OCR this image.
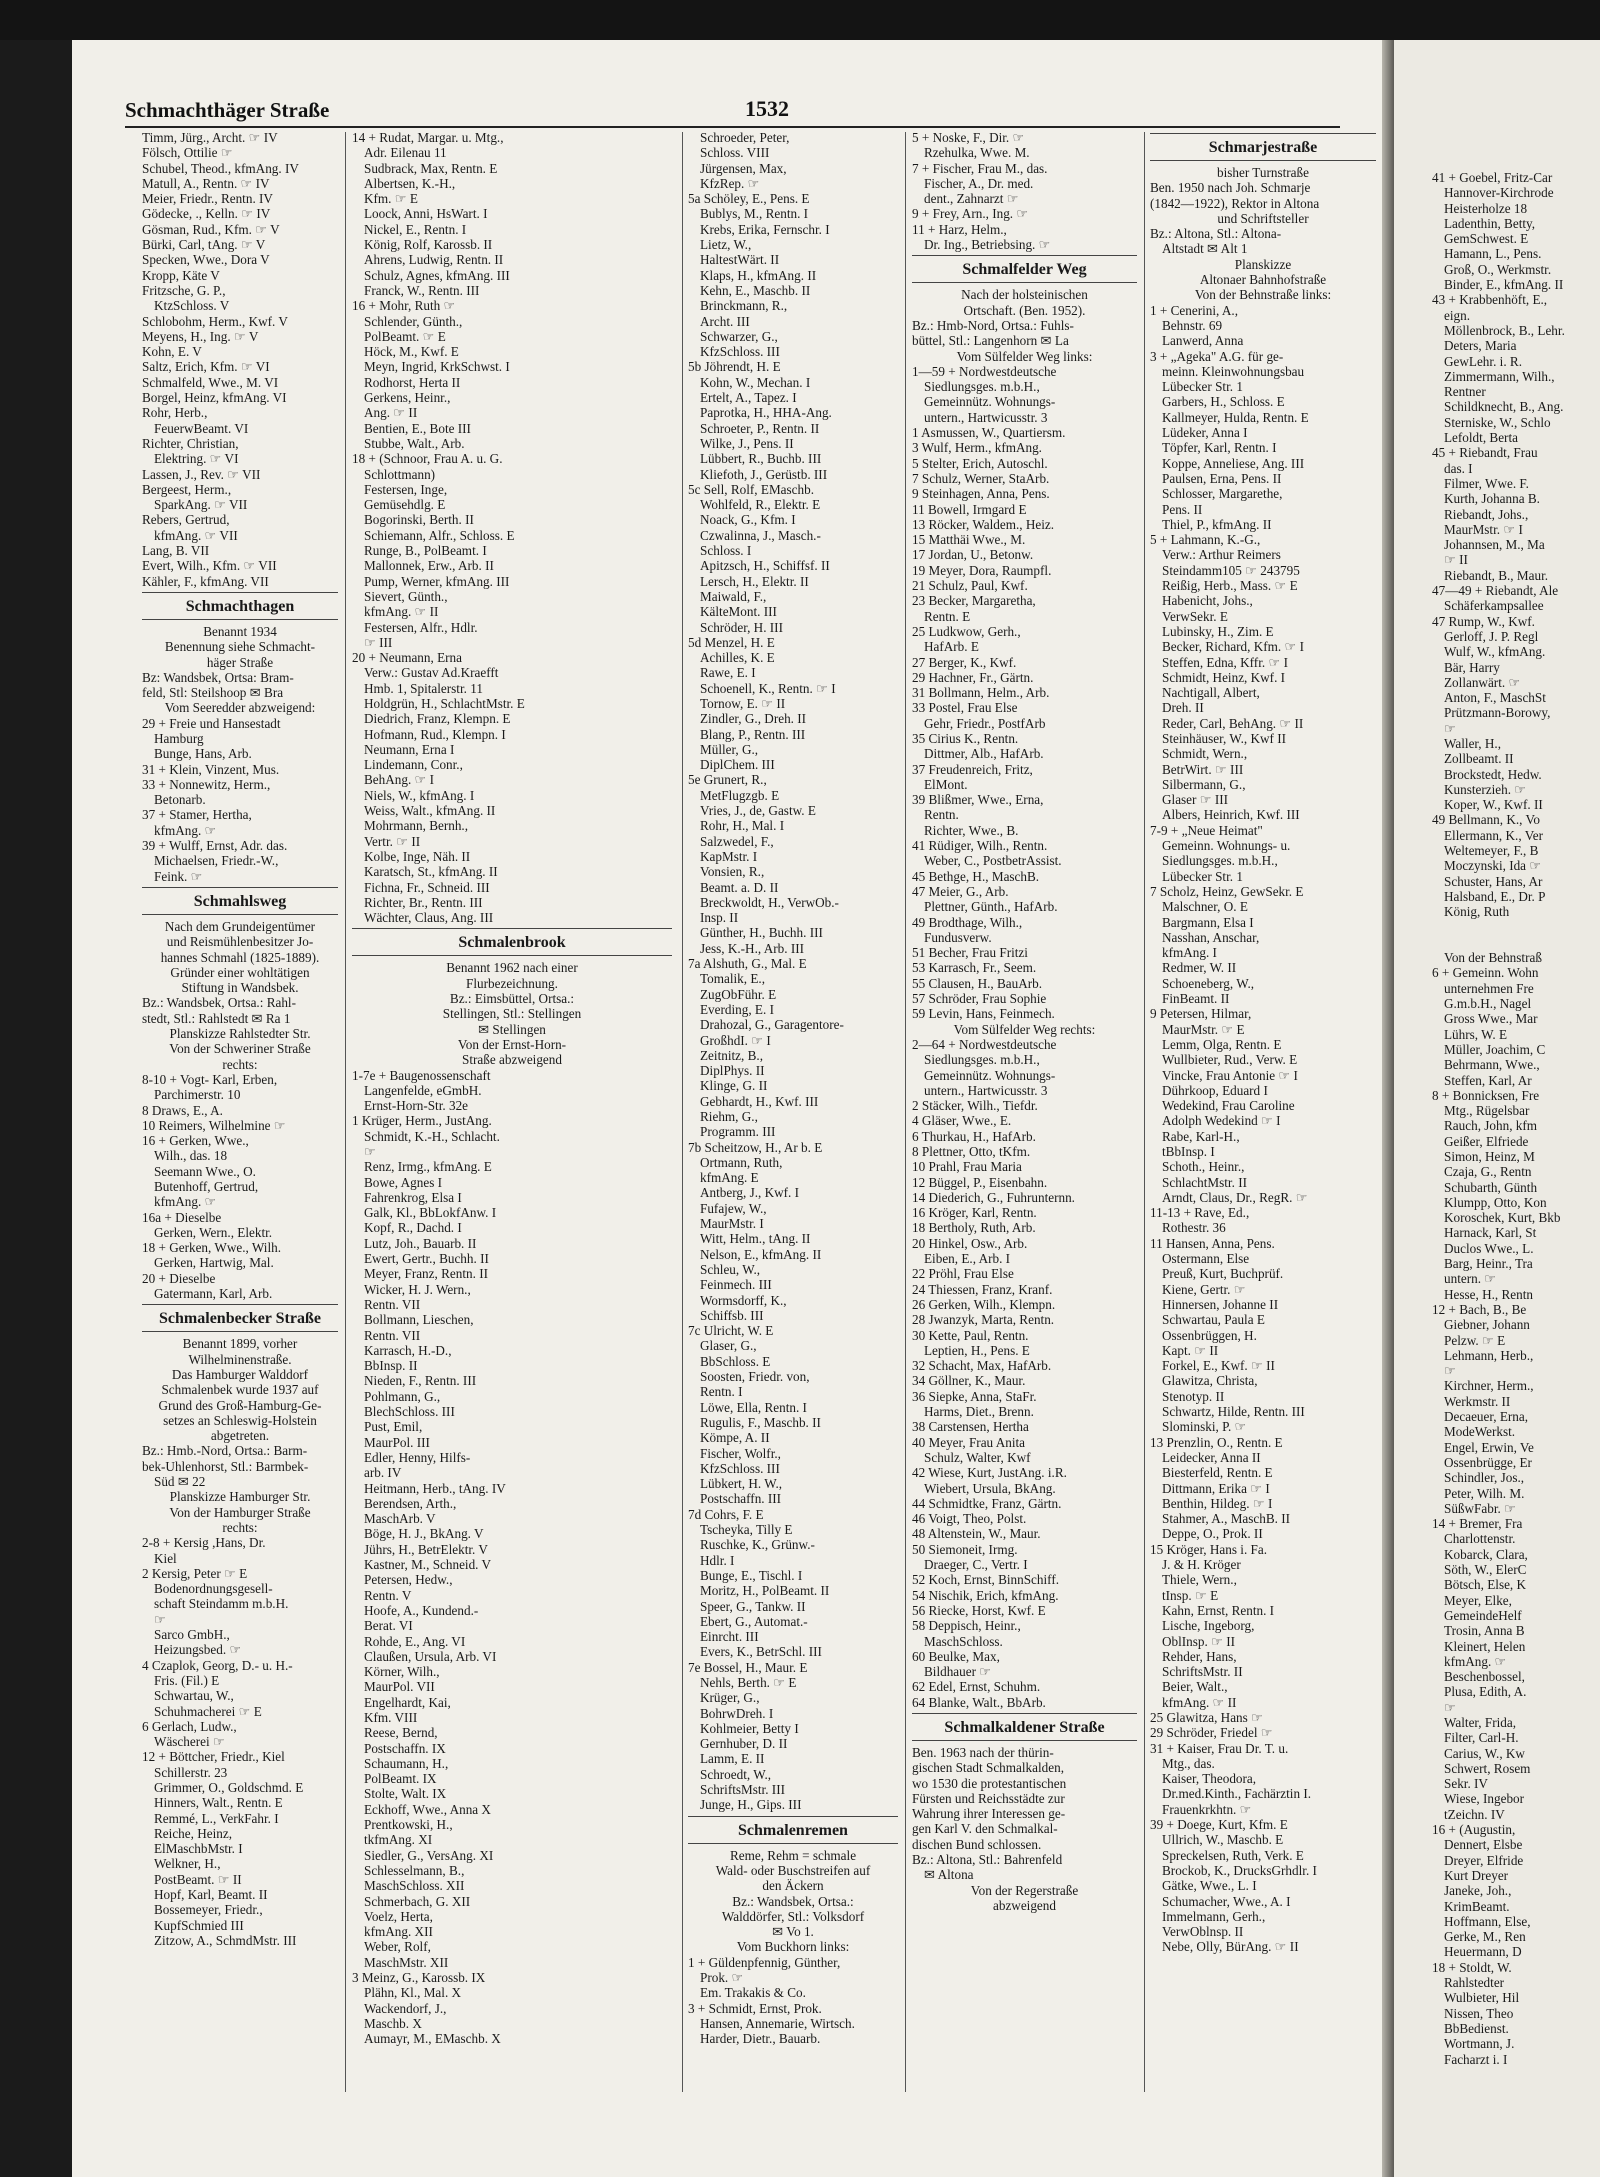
41 + Goebel, Fritz-Car

Hannover-Kirchrode

Heisterholze 18

Ladenthin, Betty,

GemSchwest. E

Hamann, L., Pens.

Groß, O., Werkmstr.

Binder, E., kfmAng. II

43 + Krabbenhöft, E.,

eign.

Möllenbrock, B., Lehr.

Deters, Maria

GewLehr. i. R.

Zimmermann, Wilh.,

Rentner

Schildknecht, B., Ang.

Sterniske, W., Schlo

Lefoldt, Berta

45 + Riebandt, Frau

das. I

Filmer, Wwe. F.

Kurth, Johanna B.

Riebandt, Johs.,

MaurMstr. ☞ I

Johannsen, M., Ma

☞ II

Riebandt, B., Maur.

47—49 + Riebandt, Ale

Schäferkampsallee

47 Rump, W., Kwf.

Gerloff, J. P. Regl

Wulf, W., kfmAng.

Bär, Harry

Zollanwärt. ☞

Anton, F., MaschSt

Prützmann-Borowy,

☞

Waller, H.,

Zollbeamt. II

Brockstedt, Hedw.

Kunsterzieh. ☞

Koper, W., Kwf. II

49 Bellmann, K., Vo

Ellermann, K., Ver

Weltemeyer, F., B

Moczynski, Ida ☞

Schuster, Hans, Ar

Halsband, E., Dr. P

König, Ruth

Von der Behnstraß

6 + Gemeinn. Wohn

unternehmen Fre

G.m.b.H., Nagel

Gross Wwe., Mar

Lührs, W. E

Müller, Joachim, C

Behrmann, Wwe.,

Steffen, Karl, Ar

8 + Bonnicksen, Fre

Mtg., Rügelsbar

Rauch, John, kfm

Geißer, Elfriede

Simon, Heinz, M

Czaja, G., Rentn

Schubarth, Günth

Klumpp, Otto, Kon

Koroschek, Kurt, Bkb

Harnack, Karl, St

Duclos Wwe., L.

Barg, Heinr., Tra

untern. ☞

Hesse, H., Rentn

12 + Bach, B., Be

Giebner, Johann

Pelzw. ☞ E

Lehmann, Herb.,

☞

Kirchner, Herm.,

Werkmstr. II

Decaeuer, Erna,

ModeWerkst.

Engel, Erwin, Ve

Ossenbrügge, Er

Schindler, Jos.,

Peter, Wilh. M.

SüßwFabr. ☞

14 + Bremer, Fra

Charlottenstr.

Kobarck, Clara,

Söth, W., ElerC

Bötsch, Else, K

Meyer, Elke,

GemeindeHelf

Trosin, Anna B

Kleinert, Helen

kfmAng. ☞

Beschenbossel,

Plusa, Edith, A.

☞

Walter, Frida,

Filter, Carl-H.

Carius, W., Kw

Schwert, Rosem

Sekr. IV

Wiese, Ingebor

tZeichn. IV

16 + (Augustin,

Dennert, Elsbe

Dreyer, Elfride

Kurt Dreyer

Janeke, Joh.,

KrimBeamt.

Hoffmann, Else,

Gerke, M., Ren

Heuermann, D

18 + Stoldt, W.

Rahlstedter

Wulbieter, Hil

Nissen, Theo

BbBedienst.

Wortmann, J.

Facharzt i. I

Schmachthäger Straße	1532

Timm, Jürg., Archt. ☞ IV

Fölsch, Ottilie ☞

Schubel, Theod., kfmAng. IV

Matull, A., Rentn. ☞ IV

Meier, Friedr., Rentn. IV

Gödecke, ., Kelln. ☞ IV

Gösman, Rud., Kfm. ☞ V

Bürki, Carl, tAng. ☞ V

Specken, Wwe., Dora V

Kropp, Käte V

Fritzsche, G. P.,

KtzSchloss. V

Schlobohm, Herm., Kwf. V

Meyens, H., Ing. ☞ V

Kohn, E. V

Saltz, Erich, Kfm. ☞ VI

Schmalfeld, Wwe., M. VI

Borgel, Heinz, kfmAng. VI

Rohr, Herb.,

FeuerwBeamt. VI

Richter, Christian,

Elektring. ☞ VI

Lassen, J., Rev. ☞ VII

Bergeest, Herm.,

SparkAng. ☞ VII

Rebers, Gertrud,

kfmAng. ☞ VII

Lang, B. VII

Evert, Wilh., Kfm. ☞ VII

Kähler, F., kfmAng. VII

Schmachthagen

Benannt 1934

Benennung siehe Schmacht-

häger Straße

Bz: Wandsbek, Ortsa: Bram-

feld, Stl: Steilshoop ✉ Bra

Vom Seeredder abzweigend:

29 + Freie und Hansestadt

Hamburg

Bunge, Hans, Arb.

31 + Klein, Vinzent, Mus.

33 + Nonnewitz, Herm.,

Betonarb.

37 + Stamer, Hertha,

kfmAng. ☞

39 + Wulff, Ernst, Adr. das.

Michaelsen, Friedr.-W.,

Feink. ☞

Schmahlsweg

Nach dem Grundeigentümer

und Reismühlenbesitzer Jo-

hannes Schmahl (1825-1889).

Gründer einer wohltätigen

Stiftung in Wandsbek.

Bz.: Wandsbek, Ortsa.: Rahl-

stedt, Stl.: Rahlstedt ✉ Ra 1

Planskizze Rahlstedter Str.

Von der Schweriner Straße

rechts:

8-10 + Vogt- Karl, Erben,

Parchimerstr. 10

8 Draws, E., A.

10 Reimers, Wilhelmine ☞

16 + Gerken, Wwe.,

Wilh., das. 18

Seemann Wwe., O.

Butenhoff, Gertrud,

kfmAng. ☞

16a + Dieselbe

Gerken, Wern., Elektr.

18 + Gerken, Wwe., Wilh.

Gerken, Hartwig, Mal.

20 + Dieselbe

Gatermann, Karl, Arb.

Schmalenbecker Straße

Benannt 1899, vorher

Wilhelminenstraße.

Das Hamburger Walddorf

Schmalenbek wurde 1937 auf

Grund des Groß-Hamburg-Ge-

setzes an Schleswig-Holstein

abgetreten.

Bz.: Hmb.-Nord, Ortsa.: Barm-

bek-Uhlenhorst, Stl.: Barmbek-

Süd ✉ 22

Planskizze Hamburger Str.

Von der Hamburger Straße

rechts:

2-8 + Kersig ,Hans, Dr.

Kiel

2 Kersig, Peter ☞ E

Bodenordnungsgesell-

schaft Steindamm m.b.H.

☞

Sarco GmbH.,

Heizungsbed. ☞

4 Czaplok, Georg, D.- u. H.-

Fris. (Fil.) E

Schwartau, W.,

Schuhmacherei ☞ E

6 Gerlach, Ludw.,

Wäscherei ☞

12 + Böttcher, Friedr., Kiel

Schillerstr. 23

Grimmer, O., Goldschmd. E

Hinners, Walt., Rentn. E

Remmé, L., VerkFahr. I

Reiche, Heinz,

ElMaschbMstr. I

Welkner, H.,

PostBeamt. ☞ II

Hopf, Karl, Beamt. II

Bossemeyer, Friedr.,

KupfSchmied III

Zitzow, A., SchmdMstr. III

14 + Rudat, Margar. u. Mtg.,

Adr. Eilenau 11

Sudbrack, Max, Rentn. E

Albertsen, K.-H.,

Kfm. ☞ E

Loock, Anni, HsWart. I

Nickel, E., Rentn. I

König, Rolf, Karossb. II

Ahrens, Ludwig, Rentn. II

Schulz, Agnes, kfmAng. III

Franck, W., Rentn. III

16 + Mohr, Ruth ☞

Schlender, Günth.,

PolBeamt. ☞ E

Höck, M., Kwf. E

Meyn, Ingrid, KrkSchwst. I

Rodhorst, Herta II

Gerkens, Heinr.,

Ang. ☞ II

Bentien, E., Bote III

Stubbe, Walt., Arb.

18 + (Schnoor, Frau A. u. G.

Schlottmann)

Festersen, Inge,

Gemüsehdlg. E

Bogorinski, Berth. II

Schiemann, Alfr., Schloss. E

Runge, B., PolBeamt. I

Mallonnek, Erw., Arb. II

Pump, Werner, kfmAng. III

Sievert, Günth.,

kfmAng. ☞ II

Festersen, Alfr., Hdlr.

☞ III

20 + Neumann, Erna

Verw.: Gustav Ad.Kraefft

Hmb. 1, Spitalerstr. 11

Holdgrün, H., SchlachtMstr. E

Diedrich, Franz, Klempn. E

Hofmann, Rud., Klempn. I

Neumann, Erna I

Lindemann, Conr.,

BehAng. ☞ I

Niels, W., kfmAng. I

Weiss, Walt., kfmAng. II

Mohrmann, Bernh.,

Vertr. ☞ II

Kolbe, Inge, Näh. II

Karatsch, St., kfmAng. II

Fichna, Fr., Schneid. III

Richter, Br., Rentn. III

Wächter, Claus, Ang. III

Schmalenbrook

Benannt 1962 nach einer

Flurbezeichnung.

Bz.: Eimsbüttel, Ortsa.:

Stellingen, Stl.: Stellingen

✉ Stellingen

Von der Ernst-Horn-

Straße abzweigend

1-7e + Baugenossenschaft

Langenfelde, eGmbH.

Ernst-Horn-Str. 32e

1 Krüger, Herm., JustAng.

Schmidt, K.-H., Schlacht.

☞

Renz, Irmg., kfmAng. E

Bowe, Agnes I

Fahrenkrog, Elsa I

Galk, Kl., BbLokfAnw. I

Kopf, R., Dachd. I

Lutz, Joh., Bauarb. II

Ewert, Gertr., Buchh. II

Meyer, Franz, Rentn. II

Wicker, H. J. Wern.,

Rentn. VII

Bollmann, Lieschen,

Rentn. VII

Karrasch, H.-D.,

BbInsp. II

Nieden, F., Rentn. III

Pohlmann, G.,

BlechSchloss. III

Pust, Emil,

MaurPol. III

Edler, Henny, Hilfs-

arb. IV

Heitmann, Herb., tAng. IV

Berendsen, Arth.,

MaschArb. V

Böge, H. J., BkAng. V

Jührs, H., BetrElektr. V

Kastner, M., Schneid. V

Petersen, Hedw.,

Rentn. V

Hoofe, A., Kundend.-

Berat. VI

Rohde, E., Ang. VI

Claußen, Ursula, Arb. VI

Körner, Wilh.,

MaurPol. VII

Engelhardt, Kai,

Kfm. VIII

Reese, Bernd,

Postschaffn. IX

Schaumann, H.,

PolBeamt. IX

Stolte, Walt. IX

Eckhoff, Wwe., Anna X

Prentkowski, H.,

tkfmAng. XI

Siedler, G., VersAng. XI

Schlesselmann, B.,

MaschSchloss. XII

Schmerbach, G. XII

Voelz, Herta,

kfmAng. XII

Weber, Rolf,

MaschMstr. XII

3 Meinz, G., Karossb. IX

Plähn, Kl., Mal. X

Wackendorf, J.,

Maschb. X

Aumayr, M., EMaschb. X

Schroeder, Peter,

Schloss. VIII

Jürgensen, Max,

KfzRep. ☞

5a Schöley, E., Pens. E

Bublys, M., Rentn. I

Krebs, Erika, Fernschr. I

Lietz, W.,

HaltestWärt. II

Klaps, H., kfmAng. II

Kehn, E., Maschb. II

Brinckmann, R.,

Archt. III

Schwarzer, G.,

KfzSchloss. III

5b Jöhrendt, H. E

Kohn, W., Mechan. I

Ertelt, A., Tapez. I

Paprotka, H., HHA-Ang.

Schroeter, P., Rentn. II

Wilke, J., Pens. II

Lübbert, R., Buchb. III

Kliefoth, J., Gerüstb. III

5c Sell, Rolf, EMaschb.

Wohlfeld, R., Elektr. E

Noack, G., Kfm. I

Czwalinna, J., Masch.-

Schloss. I

Apitzsch, H., Schiffsf. II

Lersch, H., Elektr. II

Maiwald, F.,

KälteMont. III

Schröder, H. III

5d Menzel, H. E

Achilles, K. E

Rawe, E. I

Schoenell, K., Rentn. ☞ I

Tornow, E. ☞ II

Zindler, G., Dreh. II

Blang, P., Rentn. III

Müller, G.,

DiplChem. III

5e Grunert, R.,

MetFlugzgb. E

Vries, J., de, Gastw. E

Rohr, H., Mal. I

Salzwedel, F.,

KapMstr. I

Vonsien, R.,

Beamt. a. D. II

Breckwoldt, H., VerwOb.-

Insp. II

Günther, H., Buchh. III

Jess, K.-H., Arb. III

7a Alshuth, G., Mal. E

Tomalik, E.,

ZugObFühr. E

Everding, E. I

Drahozal, G., Garagentore-

GroßhdI. ☞ I

Zeitnitz, B.,

DiplPhys. II

Klinge, G. II

Gebhardt, H., Kwf. III

Riehm, G.,

Programm. III

7b Scheitzow, H., Ar b. E

Ortmann, Ruth,

kfmAng. E

Antberg, J., Kwf. I

Fufajew, W.,

MaurMstr. I

Witt, Helm., tAng. II

Nelson, E., kfmAng. II

Schleu, W.,

Feinmech. III

Wormsdorff, K.,

Schiffsb. III

7c Ulricht, W. E

Glaser, G.,

BbSchloss. E

Soosten, Friedr. von,

Rentn. I

Löwe, Ella, Rentn. I

Rugulis, F., Maschb. II

Kömpe, A. II

Fischer, Wolfr.,

KfzSchloss. III

Lübkert, H. W.,

Postschaffn. III

7d Cohrs, F. E

Tscheyka, Tilly E

Ruschke, K., Grünw.-

Hdlr. I

Bunge, E., Tischl. I

Moritz, H., PolBeamt. II

Speer, G., Tankw. II

Ebert, G., Automat.-

Einrcht. III

Evers, K., BetrSchl. III

7e Bossel, H., Maur. E

Nehls, Berth. ☞ E

Krüger, G.,

BohrwDreh. I

Kohlmeier, Betty I

Gernhuber, D. II

Lamm, E. II

Schroedt, W.,

SchriftsMstr. III

Junge, H., Gips. III

Schmalenremen

Reme, Rehm = schmale

Wald- oder Buschstreifen auf

den Äckern

Bz.: Wandsbek, Ortsa.:

Walddörfer, Stl.: Volksdorf

✉ Vo 1.

Vom Buckhorn links:

1 + Güldenpfennig, Günther,

Prok. ☞

Em. Trakakis & Co.

3 + Schmidt, Ernst, Prok.

Hansen, Annemarie, Wirtsch.

Harder, Dietr., Bauarb.

5 + Noske, F., Dir. ☞

Rzehulka, Wwe. M.

7 + Fischer, Frau M., das.

Fischer, A., Dr. med.

dent., Zahnarzt ☞

9 + Frey, Arn., Ing. ☞

11 + Harz, Helm.,

Dr. Ing., Betriebsing. ☞

Schmalfelder Weg

Nach der holsteinischen

Ortschaft. (Ben. 1952).

Bz.: Hmb-Nord, Ortsa.: Fuhls-

büttel, Stl.: Langenhorn ✉ La

Vom Sülfelder Weg links:

1—59 + Nordwestdeutsche

Siedlungsges. m.b.H.,

Gemeinnütz. Wohnungs-

untern., Hartwicusstr. 3

1 Asmussen, W., Quartiersm.

3 Wulf, Herm., kfmAng.

5 Stelter, Erich, Autoschl.

7 Schulz, Werner, StaArb.

9 Steinhagen, Anna, Pens.

11 Bowell, Irmgard E

13 Röcker, Waldem., Heiz.

15 Matthäi Wwe., M.

17 Jordan, U., Betonw.

19 Meyer, Dora, Raumpfl.

21 Schulz, Paul, Kwf.

23 Becker, Margaretha,

Rentn. E

25 Ludkwow, Gerh.,

HafArb. E

27 Berger, K., Kwf.

29 Hachner, Fr., Gärtn.

31 Bollmann, Helm., Arb.

33 Postel, Frau Else

Gehr, Friedr., PostfArb

35 Cirius K., Rentn.

Dittmer, Alb., HafArb.

37 Freudenreich, Fritz,

ElMont.

39 Blißmer, Wwe., Erna,

Rentn.

Richter, Wwe., B.

41 Rüdiger, Wilh., Rentn.

Weber, C., PostbetrAssist.

45 Bethge, H., MaschB.

47 Meier, G., Arb.

Plettner, Günth., HafArb.

49 Brodthage, Wilh.,

Fundusverw.

51 Becher, Frau Fritzi

53 Karrasch, Fr., Seem.

55 Clausen, H., BauArb.

57 Schröder, Frau Sophie

59 Levin, Hans, Feinmech.

Vom Sülfelder Weg rechts:

2—64 + Nordwestdeutsche

Siedlungsges. m.b.H.,

Gemeinnütz. Wohnungs-

untern., Hartwicusstr. 3

2 Stäcker, Wilh., Tiefdr.

4 Gläser, Wwe., E.

6 Thurkau, H., HafArb.

8 Plettner, Otto, tKfm.

10 Prahl, Frau Maria

12 Büggel, P., Eisenbahn.

14 Diederich, G., Fuhrunternn.

16 Kröger, Karl, Rentn.

18 Bertholy, Ruth, Arb.

20 Hinkel, Osw., Arb.

Eiben, E., Arb. I

22 Pröhl, Frau Else

24 Thiessen, Franz, Kranf.

26 Gerken, Wilh., Klempn.

28 Jwanzyk, Marta, Rentn.

30 Kette, Paul, Rentn.

Leptien, H., Pens. E

32 Schacht, Max, HafArb.

34 Göllner, K., Maur.

36 Siepke, Anna, StaFr.

Harms, Diet., Brenn.

38 Carstensen, Hertha

40 Meyer, Frau Anita

Schulz, Walter, Kwf

42 Wiese, Kurt, JustAng. i.R.

Wiebert, Ursula, BkAng.

44 Schmidtke, Franz, Gärtn.

46 Voigt, Theo, Polst.

48 Altenstein, W., Maur.

50 Siemoneit, Irmg.

Draeger, C., Vertr. I

52 Koch, Ernst, BinnSchiff.

54 Nischik, Erich, kfmAng.

56 Riecke, Horst, Kwf. E

58 Deppisch, Heinr.,

MaschSchloss.

60 Beulke, Max,

Bildhauer ☞

62 Edel, Ernst, Schuhm.

64 Blanke, Walt., BbArb.

Schmalkaldener Straße

Ben. 1963 nach der thürin-

gischen Stadt Schmalkalden,

wo 1530 die protestantischen

Fürsten und Reichsstädte zur

Wahrung ihrer Interessen ge-

gen Karl V. den Schmalkal-

dischen Bund schlossen.

Bz.: Altona, Stl.: Bahrenfeld

✉ Altona

Von der Regerstraße

abzweigend

Schmarjestraße

bisher Turnstraße

Ben. 1950 nach Joh. Schmarje

(1842—1922), Rektor in Altona

und Schriftsteller

Bz.: Altona, Stl.: Altona-

Altstadt ✉ Alt 1

Planskizze

Altonaer Bahnhofstraße

Von der Behnstraße links:

1 + Cenerini, A.,

Behnstr. 69

Lanwerd, Anna

3 + „Ageka" A.G. für ge-

meinn. Kleinwohnungsbau

Lübecker Str. 1

Garbers, H., Schloss. E

Kallmeyer, Hulda, Rentn. E

Lüdeker, Anna I

Töpfer, Karl, Rentn. I

Koppe, Anneliese, Ang. III

Paulsen, Erna, Pens. II

Schlosser, Margarethe,

Pens. II

Thiel, P., kfmAng. II

5 + Lahmann, K.-G.,

Verw.: Arthur Reimers

Steindamm105 ☞ 243795

Reißig, Herb., Mass. ☞ E

Habenicht, Johs.,

VerwSekr. E

Lubinsky, H., Zim. E

Becker, Richard, Kfm. ☞ I

Steffen, Edna, Kffr. ☞ I

Schmidt, Heinz, Kwf. I

Nachtigall, Albert,

Dreh. II

Reder, Carl, BehAng. ☞ II

Steinhäuser, W., Kwf II

Schmidt, Wern.,

BetrWirt. ☞ III

Silbermann, G.,

Glaser ☞ III

Albers, Heinrich, Kwf. III

7-9 + „Neue Heimat"

Gemeinn. Wohnungs- u.

Siedlungsges. m.b.H.,

Lübecker Str. 1

7 Scholz, Heinz, GewSekr. E

Malschner, O. E

Bargmann, Elsa I

Nasshan, Anschar,

kfmAng. I

Redmer, W. II

Schoeneberg, W.,

FinBeamt. II

9 Petersen, Hilmar,

MaurMstr. ☞ E

Lemm, Olga, Rentn. E

Wullbieter, Rud., Verw. E

Vincke, Frau Antonie ☞ I

Dührkoop, Eduard I

Wedekind, Frau Caroline

Adolph Wedekind ☞ I

Rabe, Karl-H.,

tBbInsp. I

Schoth., Heinr.,

SchlachtMstr. II

Arndt, Claus, Dr., RegR. ☞

11-13 + Rave, Ed.,

Rothestr. 36

11 Hansen, Anna, Pens.

Ostermann, Else

Preuß, Kurt, Buchprüf.

Kiene, Gertr. ☞

Hinnersen, Johanne II

Schwartau, Paula E

Ossenbrüggen, H.

Kapt. ☞ II

Forkel, E., Kwf. ☞ II

Glawitza, Christa,

Stenotyp. II

Schwartz, Hilde, Rentn. III

Slominski, P. ☞

13 Prenzlin, O., Rentn. E

Leidecker, Anna II

Biesterfeld, Rentn. E

Dittmann, Erika ☞ I

Benthin, Hildeg. ☞ I

Stahmer, A., MaschB. II

Deppe, O., Prok. II

15 Kröger, Hans i. Fa.

J. & H. Kröger

Thiele, Wern.,

tInsp. ☞ E

Kahn, Ernst, Rentn. I

Lische, Ingeborg,

OblInsp. ☞ II

Rehder, Hans,

SchriftsMstr. II

Beier, Walt.,

kfmAng. ☞ II

25 Glawitza, Hans ☞

29 Schröder, Friedel ☞

31 + Kaiser, Frau Dr. T. u.

Mtg., das.

Kaiser, Theodora,

Dr.med.Kinth., Fachärztin I.

Frauenkrkhtn. ☞

39 + Doege, Kurt, Kfm. E

Ullrich, W., Maschb. E

Spreckelsen, Ruth, Verk. E

Brockob, K., DrucksGrhdlr. I

Gätke, Wwe., L. I

Schumacher, Wwe., A. I

Immelmann, Gerh.,

VerwOblnsp. II

Nebe, Olly, BürAng. ☞ II
